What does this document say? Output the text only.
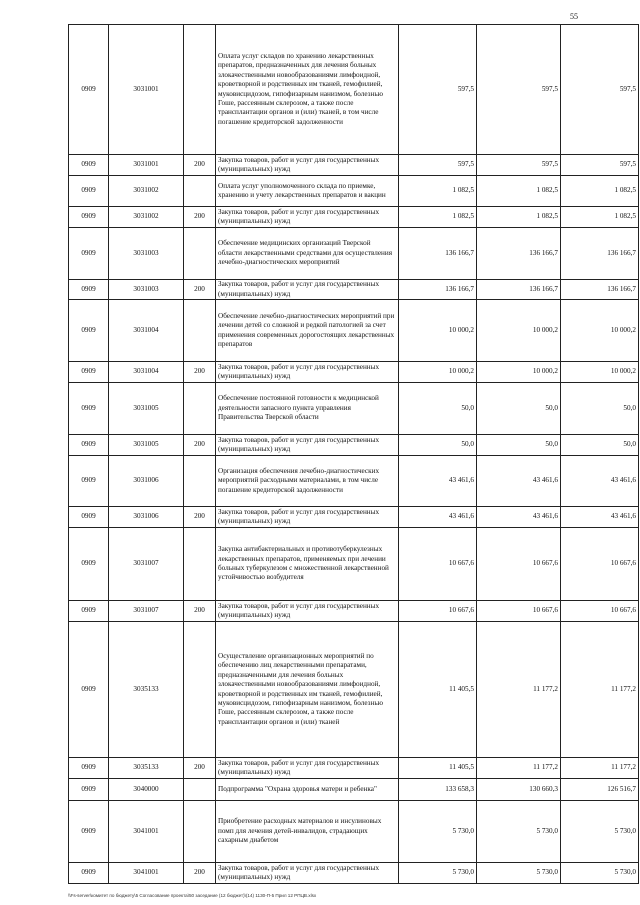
55
0909	3031001		Оплата услуг складов по хранению лекарственных препаратов, предназначенных для лечения больных злокачественными новообразованиями лимфоидной, кроветворной и родственных им тканей, гемофилией, муковисцидозом, гипофизарным нанизмом, болезнью Гоше, рассеянным склерозом, а также после трансплантации органов и (или) тканей, в том числе погашение кредиторской задолженности	597,5	597,5	597,5
0909	3031001	200	Закупка товаров, работ и услуг для государственных (муниципальных) нужд	597,5	597,5	597,5
0909	3031002		Оплата услуг уполномоченного склада по приемке, хранению и учету лекарственных препаратов и вакцин	1 082,5	1 082,5	1 082,5
0909	3031002	200	Закупка товаров, работ и услуг для государственных (муниципальных) нужд	1 082,5	1 082,5	1 082,5
0909	3031003		Обеспечение медицинских организаций Тверской области лекарственными средствами для осуществления лечебно-диагностических мероприятий	136 166,7	136 166,7	136 166,7
0909	3031003	200	Закупка товаров, работ и услуг для государственных (муниципальных) нужд	136 166,7	136 166,7	136 166,7
0909	3031004		Обеспечение лечебно-диагностических мероприятий при лечении детей со сложной и редкой патологией за счет применения современных дорогостоящих лекарственных препаратов	10 000,2	10 000,2	10 000,2
0909	3031004	200	Закупка товаров, работ и услуг для государственных (муниципальных) нужд	10 000,2	10 000,2	10 000,2
0909	3031005		Обеспечение постоянной готовности к медицинской деятельности запасного пункта управления Правительства Тверской области	50,0	50,0	50,0
0909	3031005	200	Закупка товаров, работ и услуг для государственных (муниципальных) нужд	50,0	50,0	50,0
0909	3031006		Организация обеспечения лечебно-диагностических мероприятий расходными материалами, в том числе погашение кредиторской задолженности	43 461,6	43 461,6	43 461,6
0909	3031006	200	Закупка товаров, работ и услуг для государственных (муниципальных) нужд	43 461,6	43 461,6	43 461,6
0909	3031007		Закупка антибактериальных и противотуберкулезных лекарственных препаратов, применяемых при лечении больных туберкулезом с множественной лекарственной устойчивостью возбудителя	10 667,6	10 667,6	10 667,6
0909	3031007	200	Закупка товаров, работ и услуг для государственных (муниципальных) нужд	10 667,6	10 667,6	10 667,6
0909	3035133		Осуществление организационных мероприятий по обеспечению лиц лекарственными препаратами, предназначенными для лечения больных злокачественными новообразованиями лимфоидной, кроветворной и родственных им тканей, гемофилией, муковисцидозом, гипофизарным нанизмом, болезнью Гоше, рассеянным склерозом, а также после трансплантации органов и (или) тканей	11 405,5	11 177,2	11 177,2
0909	3035133	200	Закупка товаров, работ и услуг для государственных (муниципальных) нужд	11 405,5	11 177,2	11 177,2
0909	3040000		Подпрограмма "Охрана здоровья матери и ребенка"	133 658,3	130 660,3	126 516,7
0909	3041001		Приобретение расходных материалов и инсулиновых помп для лечения детей-инвалидов, страдающих сахарным диабетом	5 730,0	5 730,0	5 730,0
0909	3041001	200	Закупка товаров, работ и услуг для государственных (муниципальных) нужд	5 730,0	5 730,0	5 730,0
\\Fs-server\комитет по бюджету\5 Согласование проекта\50 заседание (12 бюджет)\(14) 1130-П-5 Прил 12 РПЦВ.xlsx
